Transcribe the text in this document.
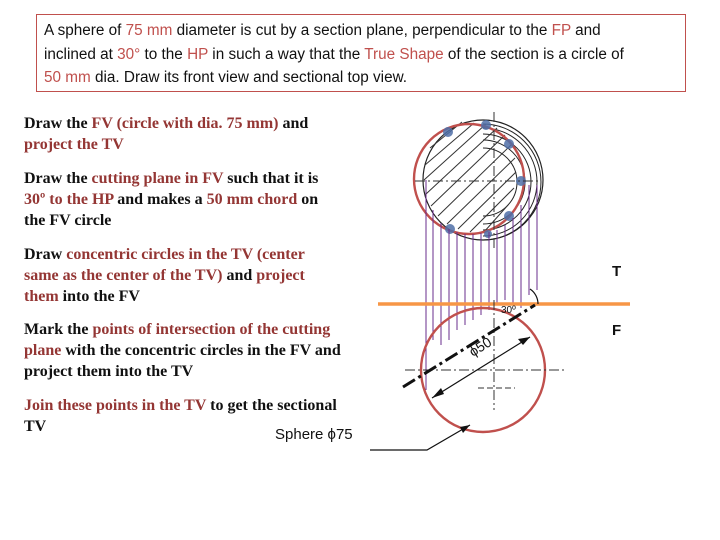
A sphere of 75 mm diameter is cut by a section plane, perpendicular to the FP and
inclined at 30° to the HP in such a way that the True Shape of the section is a circle of
50 mm dia. Draw its front view and sectional top view.
Draw the FV (circle with dia. 75 mm) and
project the TV
Draw the cutting plane in FV such that it is
30º to the HP and makes a 50 mm chord on
the FV circle
Draw concentric circles in the TV (center
same as the center of the TV) and project
them into the FV
Mark the points of intersection of the cutting
plane with the concentric circles in the FV and
project them into the TV
Join these points in the TV to get the sectional
TV
T
F
30º
ϕ50
Sphere ϕ75
